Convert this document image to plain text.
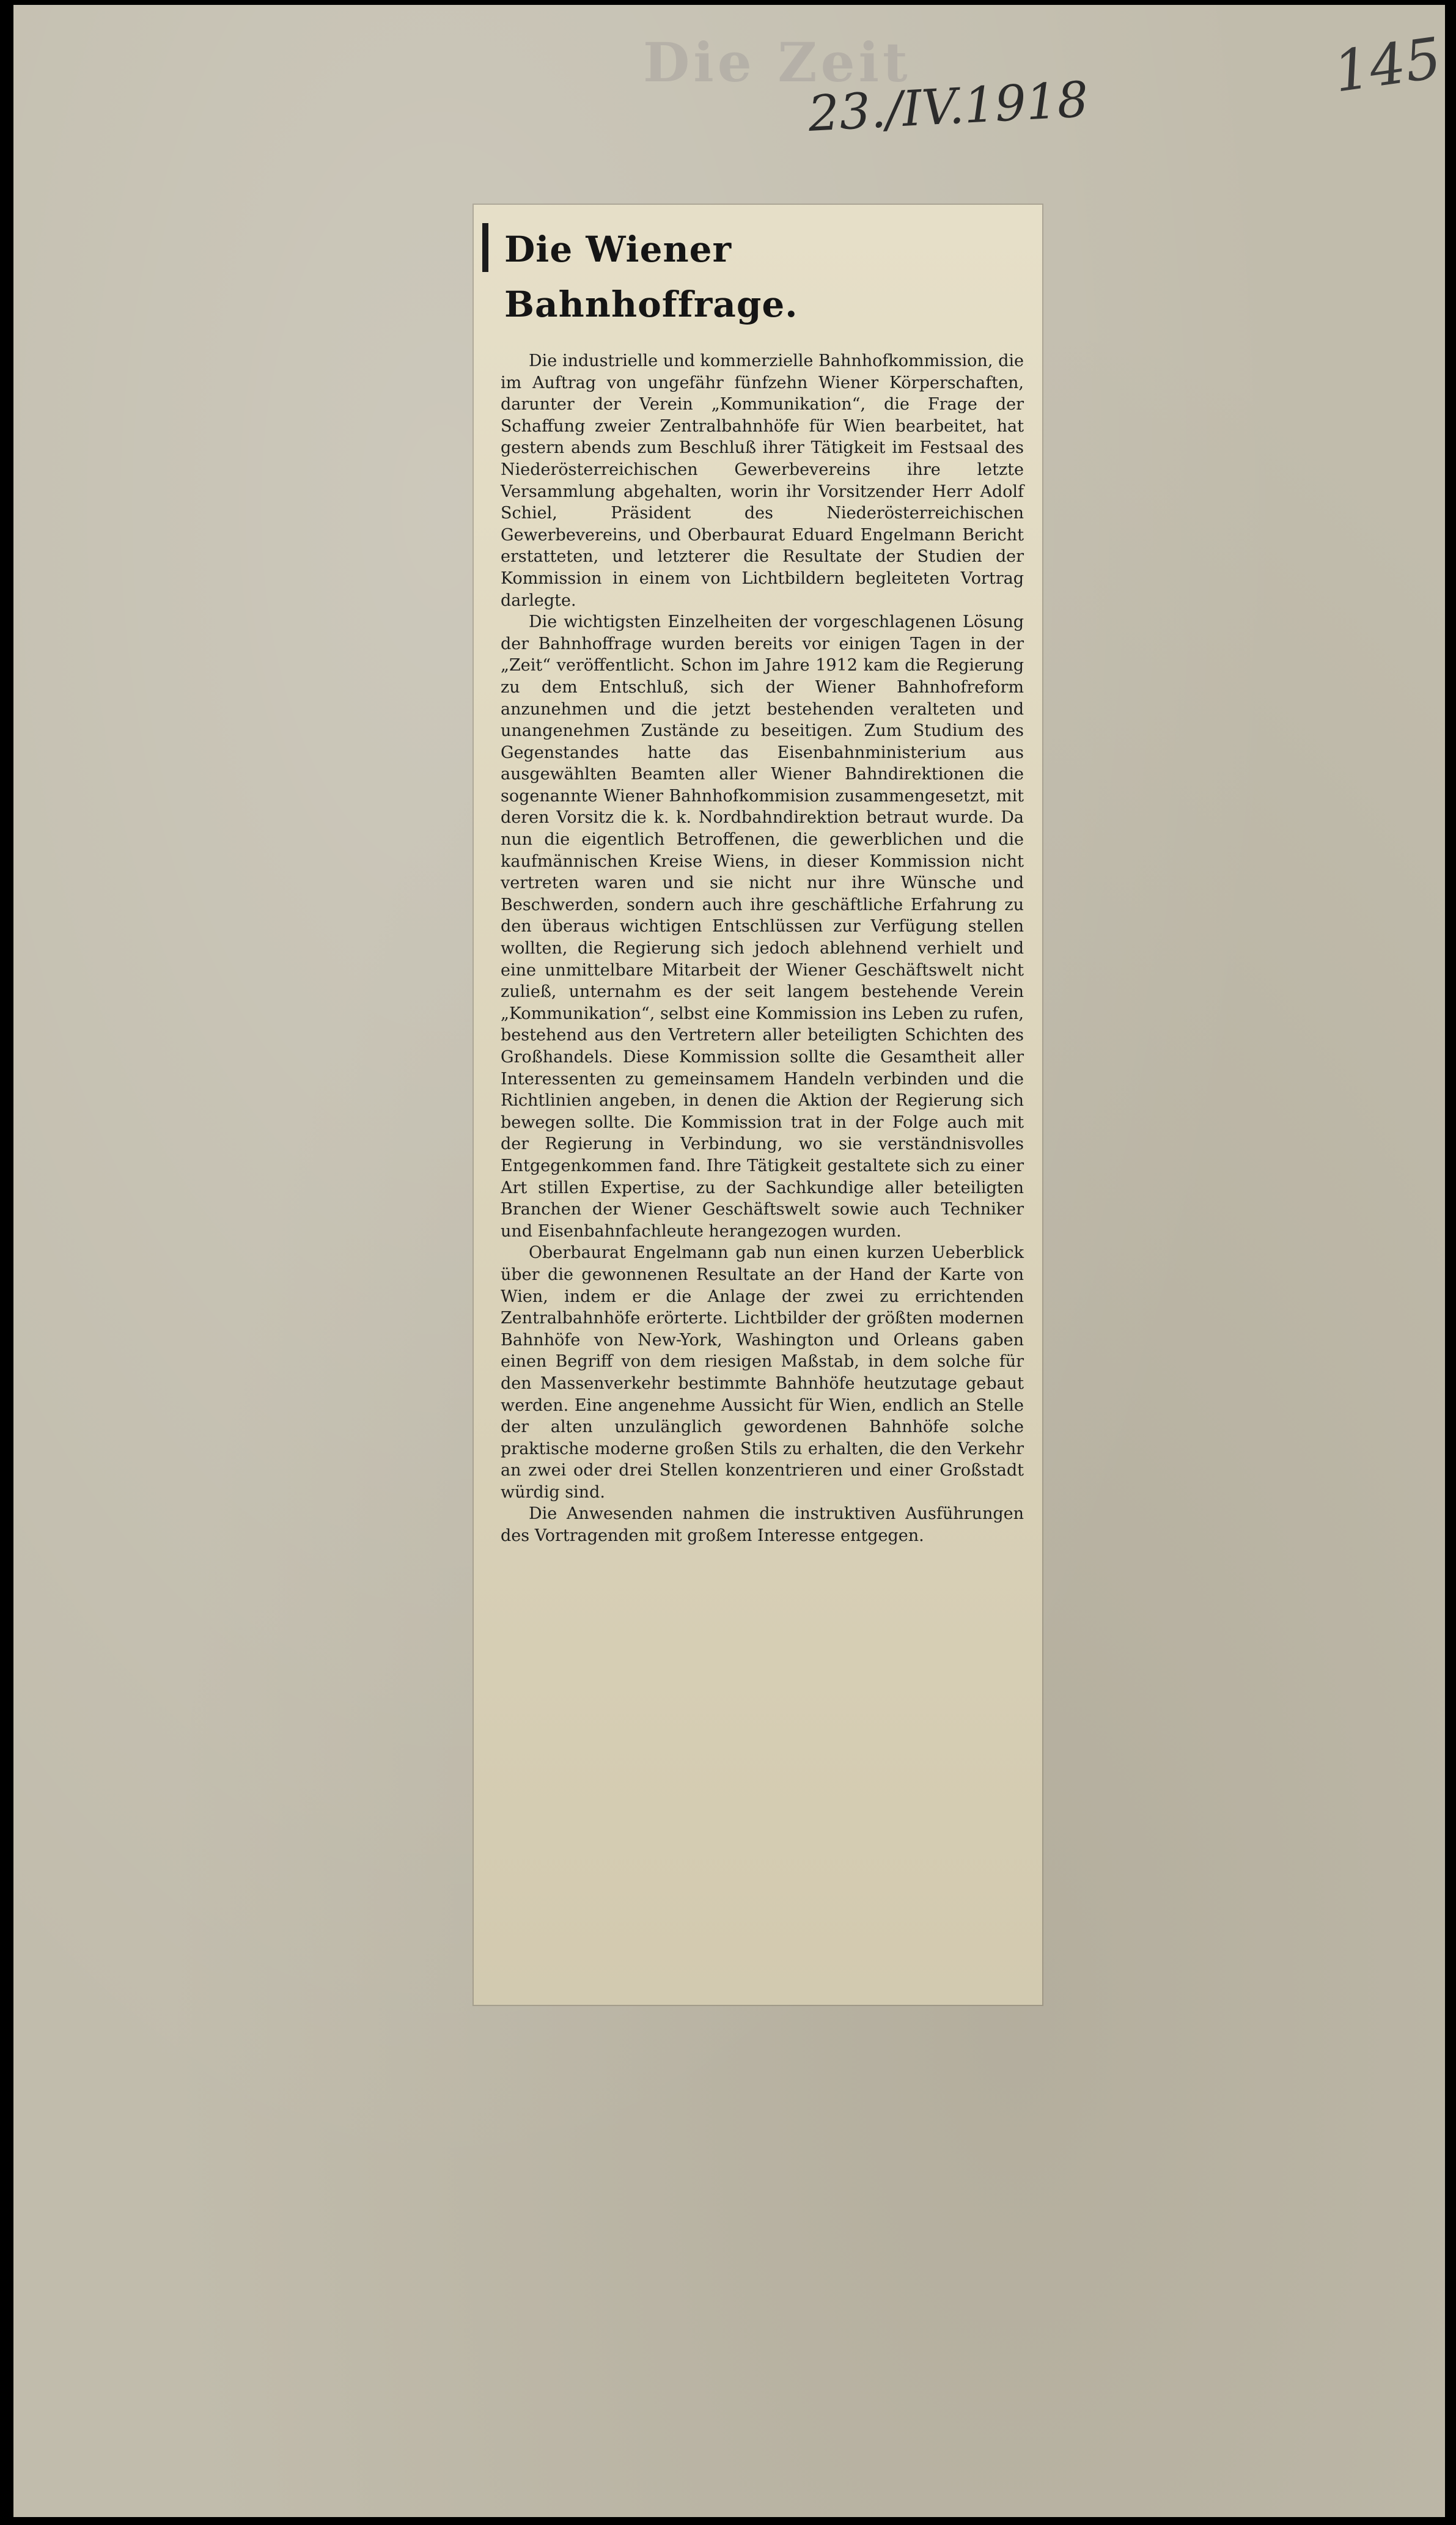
Die Zeit
23./IV.1918
145
Die Wiener Bahnhoffrage.

Die industrielle und kommerzielle Bahnhofkommission, die im Auftrag von ungefähr fünfzehn Wiener Körperschaften, darunter der Verein „Kommunikation“, die Frage der Schaffung zweier Zentralbahnhöfe für Wien bearbeitet, hat gestern abends zum Beschluß ihrer Tätigkeit im Festsaal des Niederösterreichischen Gewerbevereins ihre letzte Versammlung abgehalten, worin ihr Vorsitzender Herr Adolf Schiel, Präsident des Niederösterreichischen Gewerbevereins, und Oberbaurat Eduard Engelmann Bericht erstatteten, und letzterer die Resultate der Studien der Kommission in einem von Lichtbildern begleiteten Vortrag darlegte.

Die wichtigsten Einzelheiten der vorgeschlagenen Lösung der Bahnhoffrage wurden bereits vor einigen Tagen in der „Zeit“ veröffentlicht. Schon im Jahre 1912 kam die Regierung zu dem Entschluß, sich der Wiener Bahnhofreform anzunehmen und die jetzt bestehenden veralteten und unangenehmen Zustände zu beseitigen. Zum Studium des Gegenstandes hatte das Eisenbahnministerium aus ausgewählten Beamten aller Wiener Bahndirektionen die sogenannte Wiener Bahnhofkommision zusammengesetzt, mit deren Vorsitz die k. k. Nordbahndirektion betraut wurde. Da nun die eigentlich Betroffenen, die gewerblichen und die kaufmännischen Kreise Wiens, in dieser Kommission nicht vertreten waren und sie nicht nur ihre Wünsche und Beschwerden, sondern auch ihre geschäftliche Erfahrung zu den überaus wichtigen Entschlüssen zur Verfügung stellen wollten, die Regierung sich jedoch ablehnend verhielt und eine unmittelbare Mitarbeit der Wiener Geschäftswelt nicht zuließ, unternahm es der seit langem bestehende Verein „Kommunikation“, selbst eine Kommission ins Leben zu rufen, bestehend aus den Vertretern aller beteiligten Schichten des Großhandels. Diese Kommission sollte die Gesamtheit aller Interessenten zu gemeinsamem Handeln verbinden und die Richtlinien angeben, in denen die Aktion der Regierung sich bewegen sollte. Die Kommission trat in der Folge auch mit der Regierung in Verbindung, wo sie verständnisvolles Entgegenkommen fand. Ihre Tätigkeit gestaltete sich zu einer Art stillen Expertise, zu der Sachkundige aller beteiligten Branchen der Wiener Geschäftswelt sowie auch Techniker und Eisenbahnfachleute herangezogen wurden.

Oberbaurat Engelmann gab nun einen kurzen Ueberblick über die gewonnenen Resultate an der Hand der Karte von Wien, indem er die Anlage der zwei zu errichtenden Zentralbahnhöfe erörterte. Lichtbilder der größten modernen Bahnhöfe von New-York, Washington und Orleans gaben einen Begriff von dem riesigen Maßstab, in dem solche für den Massenverkehr bestimmte Bahnhöfe heutzutage gebaut werden. Eine angenehme Aussicht für Wien, endlich an Stelle der alten unzulänglich gewordenen Bahnhöfe solche praktische moderne großen Stils zu erhalten, die den Verkehr an zwei oder drei Stellen konzentrieren und einer Großstadt würdig sind.

Die Anwesenden nahmen die instruktiven Ausführungen des Vortragenden mit großem Interesse entgegen.
